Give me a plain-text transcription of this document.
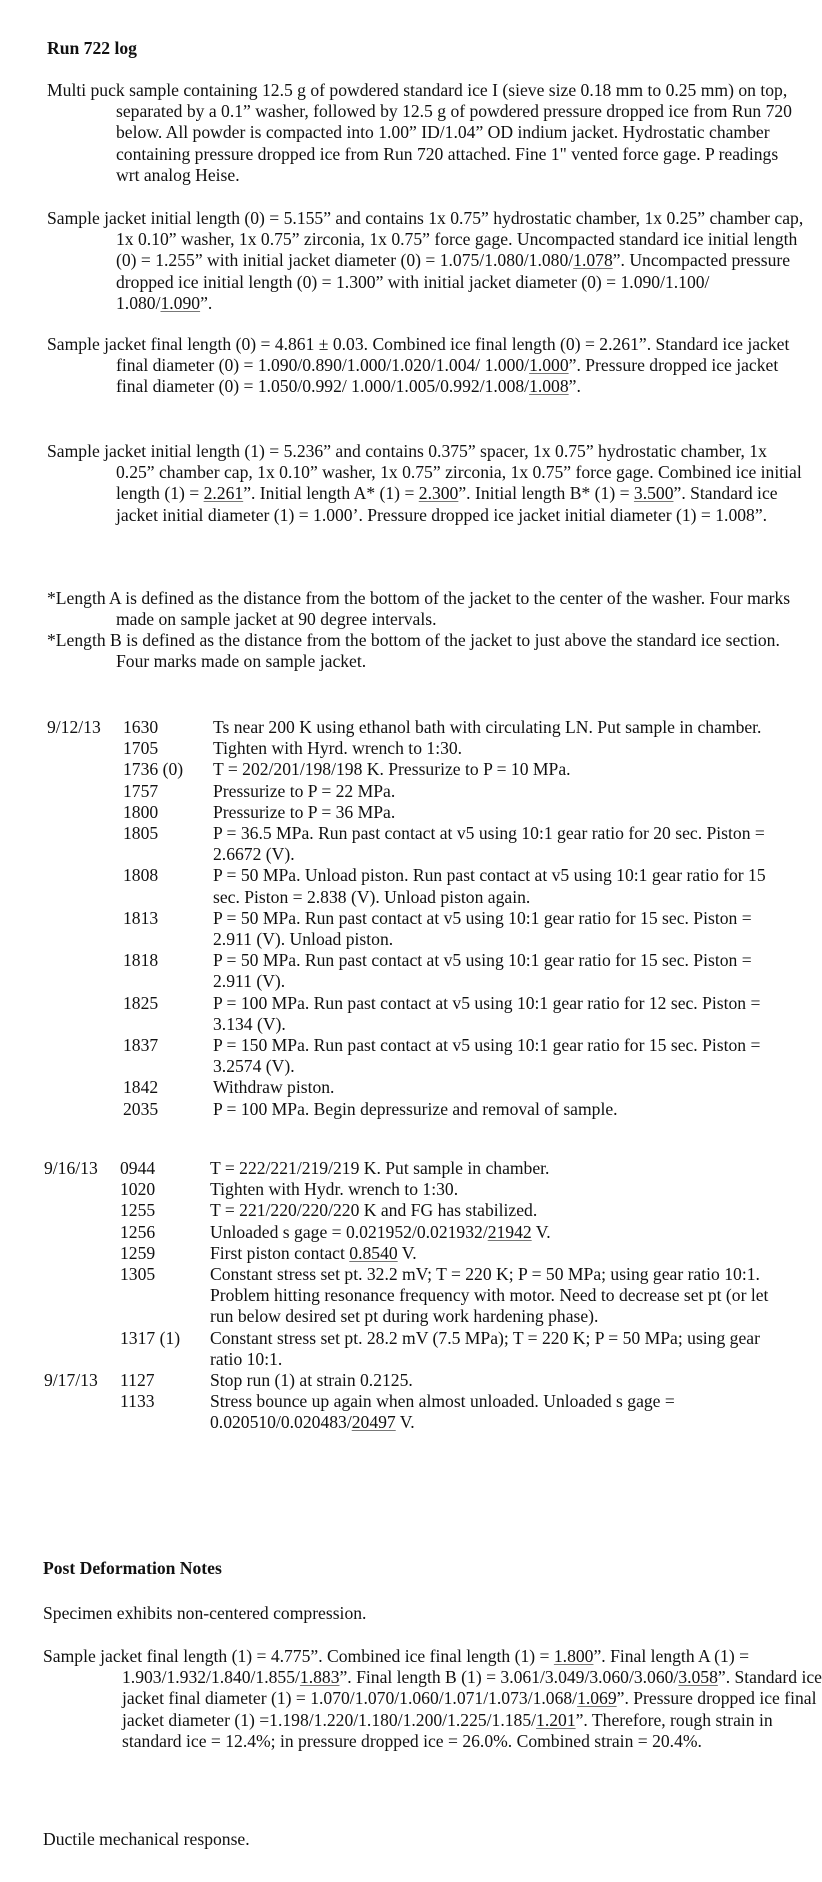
Run 722 log
Multi puck sample containing 12.5 g of powdered standard ice I (sieve size 0.18 mm to 0.25 mm) on top, separated by a 0.1” washer, followed by 12.5 g of powdered pressure dropped ice from Run 720 below. All powder is compacted into 1.00” ID/1.04” OD indium jacket. Hydrostatic chamber containing pressure dropped ice from Run 720 attached. Fine 1" vented force gage. P readings wrt analog Heise.
Sample jacket initial length (0) = 5.155” and contains 1x 0.75” hydrostatic chamber, 1x 0.25” chamber cap, 1x 0.10” washer, 1x 0.75” zirconia, 1x 0.75” force gage. Uncompacted standard ice initial length (0) = 1.255” with initial jacket diameter (0) = 1.075/1.080/1.080/1.078”. Uncompacted pressure dropped ice initial length (0) = 1.300” with initial jacket diameter (0) = 1.090/1.100/ 1.080/1.090”.
Sample jacket final length (0) = 4.861 ± 0.03. Combined ice final length (0) = 2.261”. Standard ice jacket final diameter (0) = 1.090/0.890/1.000/1.020/1.004/ 1.000/1.000”. Pressure dropped ice jacket final diameter (0) = 1.050/0.992/ 1.000/1.005/0.992/1.008/1.008”.
Sample jacket initial length (1) = 5.236” and contains 0.375” spacer, 1x 0.75” hydrostatic chamber, 1x 0.25” chamber cap, 1x 0.10” washer, 1x 0.75” zirconia, 1x 0.75” force gage. Combined ice initial length (1) = 2.261”. Initial length A* (1) = 2.300”. Initial length B* (1) = 3.500”. Standard ice jacket initial diameter (1) = 1.000’. Pressure dropped ice jacket initial diameter (1) = 1.008”.
*Length A is defined as the distance from the bottom of the jacket to the center of the washer. Four marks made on sample jacket at 90 degree intervals.
*Length B is defined as the distance from the bottom of the jacket to just above the standard ice section. Four marks made on sample jacket.
9/12/13	1630	Ts near 200 K using ethanol bath with circulating LN. Put sample in chamber.
1705	Tighten with Hyrd. wrench to 1:30.
1736 (0)	T = 202/201/198/198 K. Pressurize to P = 10 MPa.
1757	Pressurize to P = 22 MPa.
1800	Pressurize to P = 36 MPa.
1805	P = 36.5 MPa. Run past contact at v5 using 10:1 gear ratio for 20 sec. Piston = 2.6672 (V).
1808	P = 50 MPa. Unload piston. Run past contact at v5 using 10:1 gear ratio for 15 sec. Piston = 2.838 (V). Unload piston again.
1813	P = 50 MPa. Run past contact at v5 using 10:1 gear ratio for 15 sec. Piston = 2.911 (V). Unload piston.
1818	P = 50 MPa. Run past contact at v5 using 10:1 gear ratio for 15 sec. Piston = 2.911 (V).
1825	P = 100 MPa. Run past contact at v5 using 10:1 gear ratio for 12 sec. Piston = 3.134 (V).
1837	P = 150 MPa. Run past contact at v5 using 10:1 gear ratio for 15 sec. Piston = 3.2574 (V).
1842	Withdraw piston.
2035	P = 100 MPa. Begin depressurize and removal of sample.
9/16/13	0944	T = 222/221/219/219 K. Put sample in chamber.
1020	Tighten with Hydr. wrench to 1:30.
1255	T = 221/220/220/220 K and FG has stabilized.
1256	Unloaded s gage = 0.021952/0.021932/21942 V.
1259	First piston contact 0.8540 V.
1305	Constant stress set pt. 32.2 mV; T = 220 K; P = 50 MPa; using gear ratio 10:1. Problem hitting resonance frequency with motor. Need to decrease set pt (or let run below desired set pt during work hardening phase).
1317 (1)	Constant stress set pt. 28.2 mV (7.5 MPa); T = 220 K; P = 50 MPa; using gear ratio 10:1.
9/17/13	1127	Stop run (1) at strain 0.2125.
1133	Stress bounce up again when almost unloaded. Unloaded s gage = 0.020510/0.020483/20497 V.
Post Deformation Notes
Specimen exhibits non-centered compression.
Sample jacket final length (1) = 4.775”. Combined ice final length (1) = 1.800”. Final length A (1) = 1.903/1.932/1.840/1.855/1.883”. Final length B (1) = 3.061/3.049/3.060/3.060/3.058”. Standard ice jacket final diameter (1) = 1.070/1.070/1.060/1.071/1.073/1.068/1.069”. Pressure dropped ice final jacket diameter (1) =1.198/1.220/1.180/1.200/1.225/1.185/1.201”. Therefore, rough strain in standard ice = 12.4%; in pressure dropped ice = 26.0%. Combined strain = 20.4%.
Ductile mechanical response.
